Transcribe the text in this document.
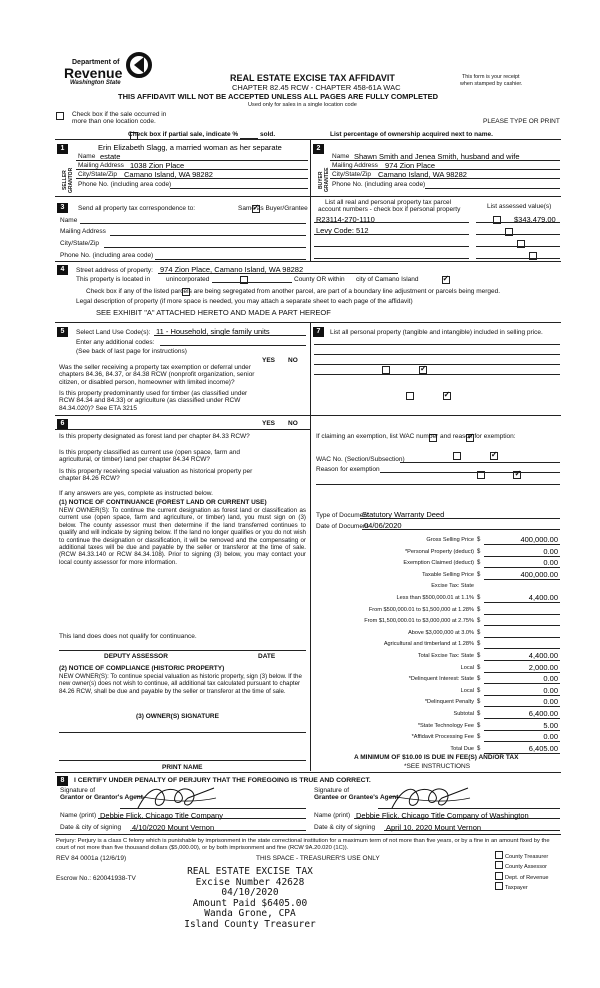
Department of
Revenue
Washington State	REAL ESTATE EXCISE TAX AFFIDAVIT
CHAPTER 82.45 RCW - CHAPTER 458-61A WAC
THIS AFFIDAVIT WILL NOT BE ACCEPTED UNLESS ALL PAGES ARE FULLY COMPLETED
Used only for sales in a single location code
This form is your receipt
when stamped by cashier.

Check box if the sale occurred in
more than one location code.	PLEASE TYPE OR PRINT

Check box if partial sale, indicate %	sold.	List percentage of ownership acquired next to name.
1
SELLER GRANTOR
Erin Elizabeth Slagg, a married woman as her separate
Name estate
Mailing Address 1038 Zion Place
City/State/Zip Camano Island, WA 98282
Phone No. (including area code)
2
BUYER GRANTEE
Name Shawn Smith and Jenea Smith, husband and wife
Mailing Address 974 Zion Place
City/State/Zip Camano Island, WA 98282
Phone No. (including area code)
3	Send all property tax correspondence to:
✓	Same as Buyer/Grantee
Name
Mailing Address
City/State/Zip
Phone No. (including area code)
List all real and personal property tax parcel
account numbers - check box if personal property	List assessed value(s)
R23114-270-1110
	$343,479.00
Levy Code: 512

4	Street address of property: 974 Zion Place, Camano Island, WA 98282
This property is located in
unincorporated	County OR within
✓ city of Camano Island

Check box if any of the listed parcels are being segregated from another parcel, are part of a boundary line adjustment or parcels being merged.
Legal description of property (if more space is needed, you may attach a separate sheet to each page of the affidavit)
SEE EXHIBIT "A" ATTACHED HERETO AND MADE A PART HEREOF
5	Select Land Use Code(s): 11 - Household, single family units
Enter any additional codes:
(See back of last page for instructions)
YES NO
Was the seller receiving a property tax exemption or deferral under chapters 84.36, 84.37, or 84.38 RCW (nonprofit organization, senior citizen, or disabled person, homeowner with limited income)?
✓
Is this property predominantly used for timber (as classified under RCW 84.34 and 84.33) or agriculture (as classified under RCW 84.34.020)? See ETA 3215
✓
6	YES NO
Is this property designated as forest land per chapter 84.33 RCW?
✓
Is this property classified as current use (open space, farm and agricultural, or timber) land per chapter 84.34 RCW?
✓
Is this property receiving special valuation as historical property per chapter 84.26 RCW?
✓
If any answers are yes, complete as instructed below.
(1) NOTICE OF CONTINUANCE (FOREST LAND OR CURRENT USE)
NEW OWNER(S): To continue the current designation as forest land or classification as current use (open space, farm and agriculture, or timber) land, you must sign on (3) below. The county assessor must then determine if the land transferred continues to qualify and will indicate by signing below. If the land no longer qualifies or you do not wish to continue the designation or classification, it will be removed and the compensating or additional taxes will be due and payable by the seller or transferor at the time of sale. (RCW 84.33.140 or RCW 84.34.108). Prior to signing (3) below, you may contact your local county assessor for more information.
This land does does not qualify for continuance.
DEPUTY ASSESSOR	DATE
(2) NOTICE OF COMPLIANCE (HISTORIC PROPERTY)
NEW OWNER(S): To continue special valuation as historic property, sign (3) below. If the new owner(s) does not wish to continue, all additional tax calculated pursuant to chapter 84.26 RCW, shall be due and payable by the seller or transferor at the time of sale.
(3) OWNER(S) SIGNATURE
PRINT NAME
7	List all personal property (tangible and intangible) included in selling price.
If claiming an exemption, list WAC number and reason for exemption:
WAC No. (Section/Subsection)
Reason for exemption
Type of Document
Statutory Warranty Deed
Date of Document
04/06/2020
Gross Selling Price $	400,000.00
*Personal Property (deduct) $	0.00
Exemption Claimed (deduct) $	0.00
Taxable Selling Price $	400,000.00
Excise Tax: State
Less than $500,000.01 at 1.1% $	4,400.00
From $500,000.01 to $1,500,000 at 1.28% $
From $1,500,000.01 to $3,000,000 at 2.75% $
Above $3,000,000 at 3.0% $
Agricultural and timberland at 1.28% $
Total Excise Tax: State $	4,400.00
Local $	2,000.00
*Delinquent Interest: State $	0.00
Local $	0.00
*Delinquent Penalty $	0.00
Subtotal $	6,400.00
*State Technology Fee $	5.00
*Affidavit Processing Fee $	0.00
Total Due $	6,405.00
A MINIMUM OF $10.00 IS DUE IN FEE(S) AND/OR TAX
*SEE INSTRUCTIONS
8	I CERTIFY UNDER PENALTY OF PERJURY THAT THE FOREGOING IS TRUE AND CORRECT.
Signature of
Grantor or Grantor's Agent
Name (print) Debbie Flick, Chicago Title Company
Date & city of signing 4/10/2020 Mount Vernon
Signature of
Grantee or Grantee's Agent
Name (print) Debbie Flick, Chicago Title Company of Washington
Date & city of signing April 10, 2020 Mount Vernon
Perjury: Perjury is a class C felony which is punishable by imprisonment in the state correctional institution for a maximum term of not more than five years, or by a fine in an amount fixed by the court of not more than five thousand dollars ($5,000.00), or by both imprisonment and fine (RCW 9A.20.020 (1C)).
REV 84 0001a (12/6/19)	THIS SPACE - TREASURER'S USE ONLY
Escrow No.: 620041938-TV
County Treasurer
County Assessor
Dept. of Revenue
Taxpayer
REAL ESTATE EXCISE TAX
Excise Number 42628
04/10/2020
Amount Paid $6405.00
Wanda Grone, CPA
Island County Treasurer
